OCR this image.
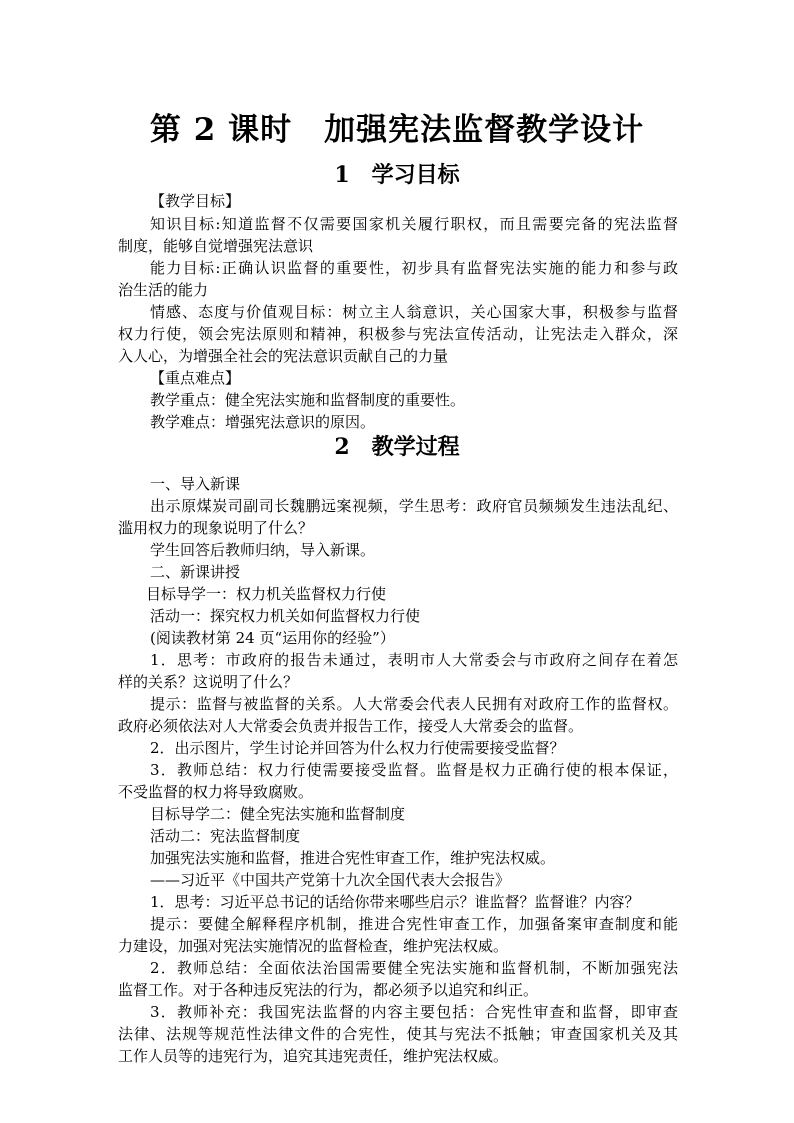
第 2 课时　加强宪法监督教学设计
1　学习目标
2　教学过程
【教学目标】
知识目标:知道监督不仅需要国家机关履行职权，而且需要完备的宪法监督
制度，能够自觉增强宪法意识
能力目标:正确认识监督的重要性，初步具有监督宪法实施的能力和参与政
治生活的能力
情感、态度与价值观目标：树立主人翁意识，关心国家大事，积极参与监督
权力行使，领会宪法原则和精神，积极参与宪法宣传活动，让宪法走入群众，深
入人心，为增强全社会的宪法意识贡献自己的力量
【重点难点】
教学重点：健全宪法实施和监督制度的重要性。
教学难点：增强宪法意识的原因。
一、导入新课
出示原煤炭司副司长魏鹏远案视频，学生思考：政府官员频频发生违法乱纪、
滥用权力的现象说明了什么？
学生回答后教师归纳，导入新课。
二、新课讲授
目标导学一：权力机关监督权力行使
活动一：探究权力机关如何监督权力行使
(阅读教材第 24 页“运用你的经验”）
1．思考：市政府的报告未通过，表明市人大常委会与市政府之间存在着怎
样的关系？这说明了什么？
提示：监督与被监督的关系。人大常委会代表人民拥有对政府工作的监督权。
政府必须依法对人大常委会负责并报告工作，接受人大常委会的监督。
2．出示图片，学生讨论并回答为什么权力行使需要接受监督？
3．教师总结：权力行使需要接受监督。监督是权力正确行使的根本保证，
不受监督的权力将导致腐败。
目标导学二：健全宪法实施和监督制度
活动二：宪法监督制度
加强宪法实施和监督，推进合宪性审查工作，维护宪法权威。
——习近平《中国共产党第十九次全国代表大会报告》
1．思考：习近平总书记的话给你带来哪些启示？谁监督？监督谁？内容？
提示：要健全解释程序机制，推进合宪性审查工作，加强备案审查制度和能
力建设，加强对宪法实施情况的监督检查，维护宪法权威。
2．教师总结：全面依法治国需要健全宪法实施和监督机制，不断加强宪法
监督工作。对于各种违反宪法的行为，都必须予以追究和纠正。
3．教师补充：我国宪法监督的内容主要包括：合宪性审查和监督，即审查
法律、法规等规范性法律文件的合宪性，使其与宪法不抵触；审查国家机关及其
工作人员等的违宪行为，追究其违宪责任，维护宪法权威。
